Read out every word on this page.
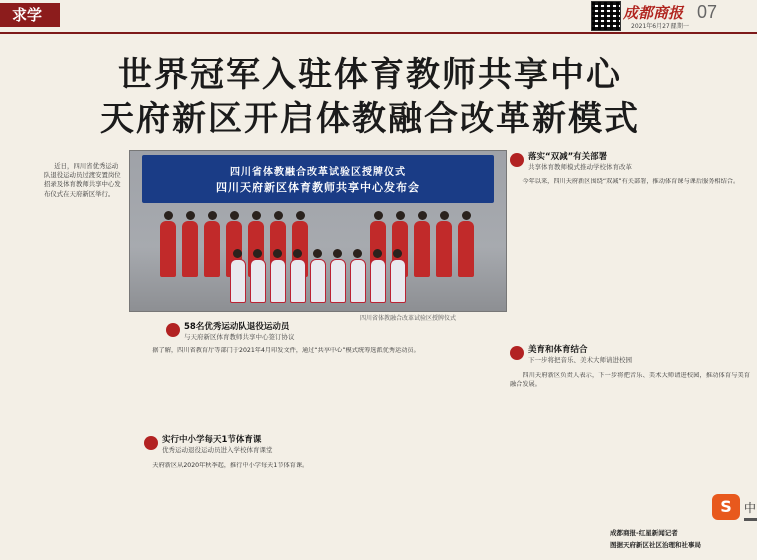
求学	成都商报 07
2021年6月27日
星期一
世界冠军入驻体育教师共享中心
天府新区开启体教融合改革新模式

近日，四川省优秀运动队退役运动员过渡安置岗位招录及体育教师共享中心发布仪式在天府新区举行。

四川省体教融合改革试验区授牌仪式
四川天府新区体育教师共享中心发布会
四川省体教融合改革试验区授牌仪式
58名优秀运动队退役运动员
与天府新区体育教师共享中心签订协议

据了解，四川省教育厅等部门于2021年4月印发文件，通过“共享中心”模式统筹选派优秀运动员。

实行中小学每天1节体育课
优秀运动退役运动员进入学校体育课堂

天府新区从2020年秋季起，推行中小学每天1节体育课。

落实“双减”有关部署
共享体育教师模式推动学校体育改革

今年以来，四川天府新区围绕“双减”有关部署，推动体育课与课后服务相结合。

美育和体育结合
下一步将把音乐、美术大师请进校园

四川天府新区负责人表示，下一步将把音乐、美术大师请进校园，推动体育与美育融合发展。

成都商报-红星新闻记者
图据天府新区社区治理和社事局
S	中
